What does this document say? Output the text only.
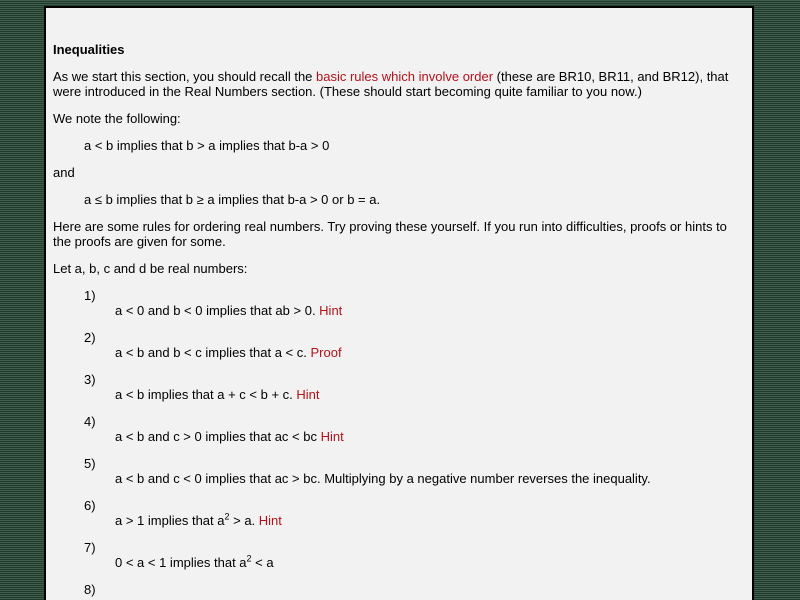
Inequalities

As we start this section, you should recall the basic rules which involve order (these are BR10, BR11, and BR12), that were introduced in the Real Numbers section. (These should start becoming quite familiar to you now.)

We note the following:

a < b implies that b > a implies that b-a > 0

and

a ≤ b implies that b ≥ a implies that b-a > 0 or b = a.

Here are some rules for ordering real numbers. Try proving these yourself. If you run into difficulties, proofs or hints to the proofs are given for some.

Let a, b, c and d be real numbers:

1)
a < 0 and b < 0 implies that ab > 0. Hint
2)
a < b and b < c implies that a < c. Proof
3)
a < b implies that a + c < b + c. Hint
4)
a < b and c > 0 implies that ac < bc Hint
5)
a < b and c < 0 implies that ac > bc. Multiplying by a negative number reverses the inequality.
6)
a > 1 implies that $a^2 > a$. Hint
7)
0 < a < 1 implies that $a^2 < a$
8)
